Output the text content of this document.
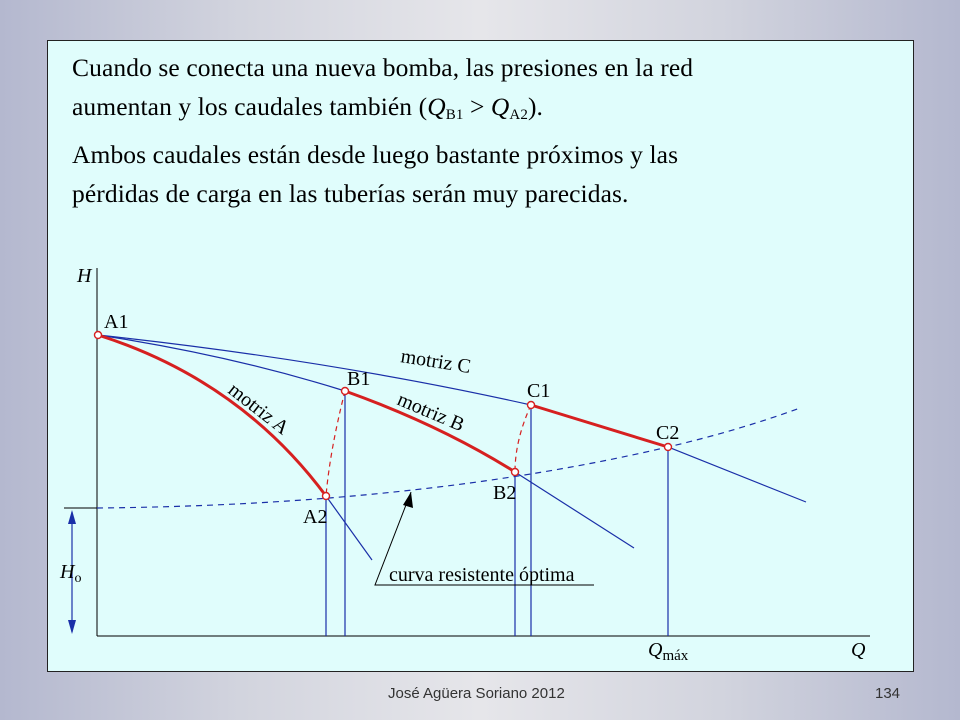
Cuando se conecta una nueva bomba, las presiones en la red

aumentan y los caudales también $(Q_{B1} > Q_{A2})$.

Ambos caudales están desde luego bastante próximos y las

pérdidas de carga en las tuberías serán muy parecidas.

H
Q
A1
B1
C1
A2
B2
C2
motriz C
motriz B
motriz A
curva resistente óptima
$H_o$
$Q_{máx}$
José Agüera Soriano 2012	134
